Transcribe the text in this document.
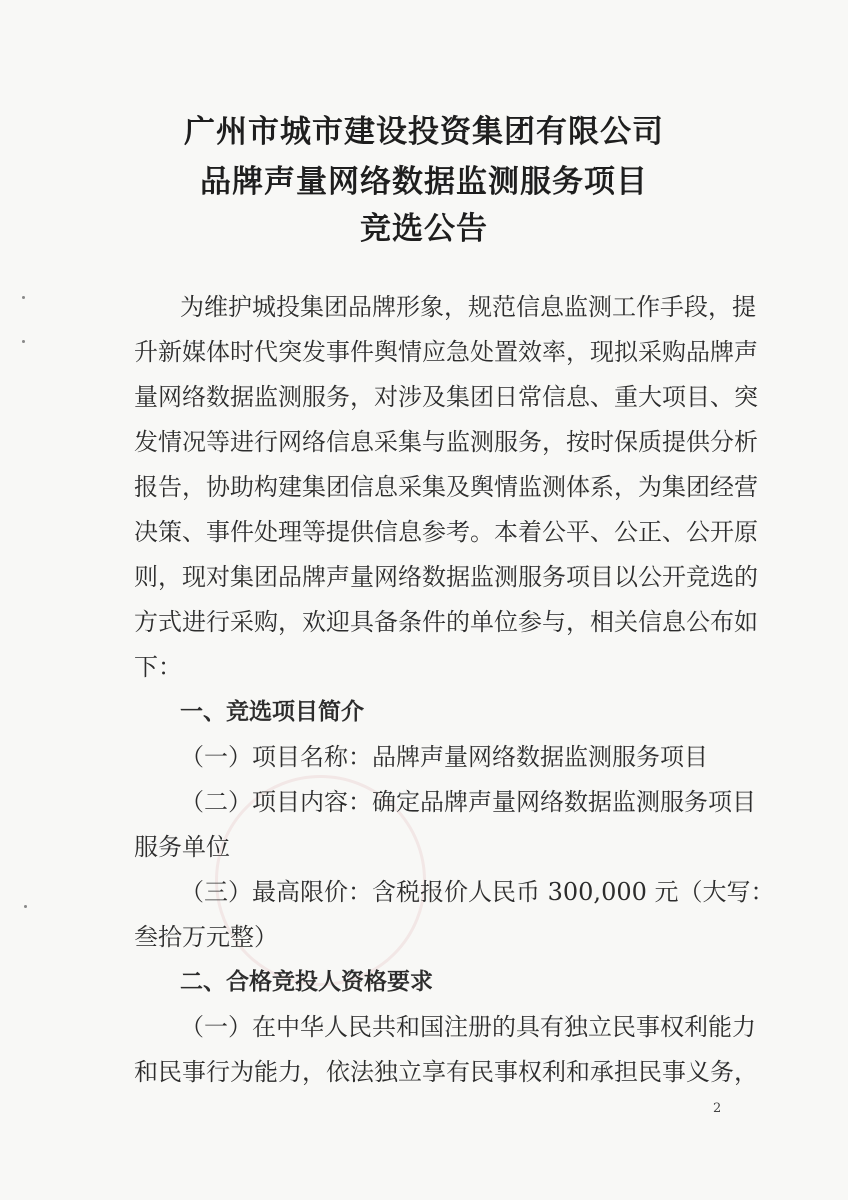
广州市城市建设投资集团有限公司
品牌声量网络数据监测服务项目
竞选公告
为维护城投集团品牌形象，规范信息监测工作手段，提
升新媒体时代突发事件舆情应急处置效率，现拟采购品牌声
量网络数据监测服务，对涉及集团日常信息、重大项目、突
发情况等进行网络信息采集与监测服务，按时保质提供分析
报告，协助构建集团信息采集及舆情监测体系，为集团经营
决策、事件处理等提供信息参考。本着公平、公正、公开原
则，现对集团品牌声量网络数据监测服务项目以公开竞选的
方式进行采购，欢迎具备条件的单位参与，相关信息公布如
下：
一、竞选项目简介
（一）项目名称：品牌声量网络数据监测服务项目
（二）项目内容：确定品牌声量网络数据监测服务项目
服务单位
（三）最高限价：含税报价人民币 300,000 元（大写：
叁拾万元整）
二、合格竞投人资格要求
（一）在中华人民共和国注册的具有独立民事权利能力
和民事行为能力，依法独立享有民事权利和承担民事义务，
2
